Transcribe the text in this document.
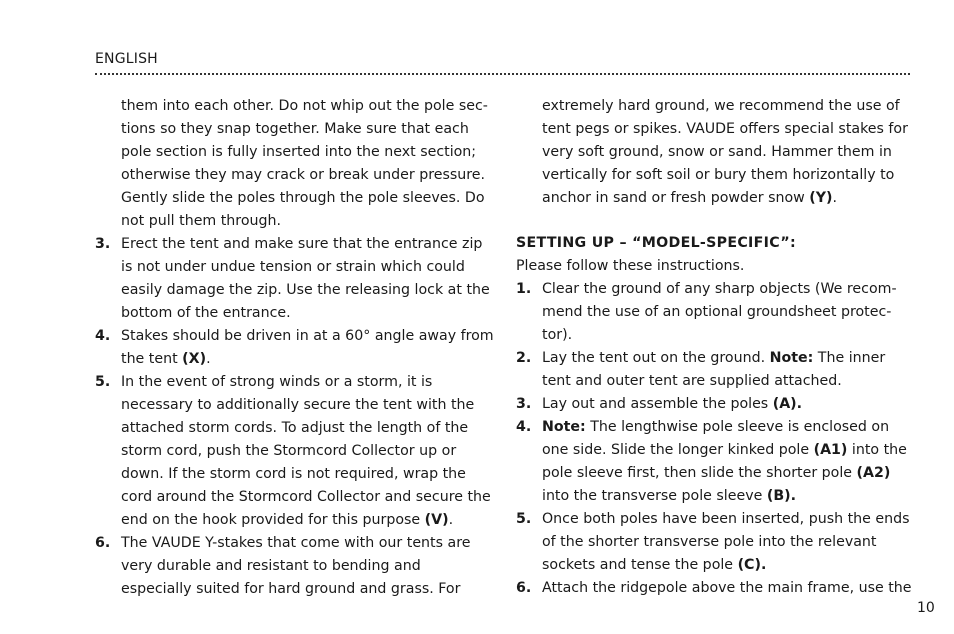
ENGLISH

them into each other. Do not whip out the pole sec-tions so they snap together. Make sure that each pole section is fully inserted into the next section; otherwise they may crack or break under pressure. Gently slide the poles through the pole sleeves. Do not pull them through.

3. Erect the tent and make sure that the entrance zip is not under undue tension or strain which could easily damage the zip. Use the releasing lock at the bottom of the entrance.
4. Stakes should be driven in at a 60° angle away from the tent (X).
5. In the event of strong winds or a storm, it is necessary to additionally secure the tent with the attached storm cords. To adjust the length of the storm cord, push the Stormcord Collector up or down. If the storm cord is not required, wrap the cord around the Stormcord Collector and secure the end on the hook provided for this purpose (V).
6. The VAUDE Y-stakes that come with our tents are very durable and resistant to bending and especially suited for hard ground and grass. For

extremely hard ground, we recommend the use of tent pegs or spikes. VAUDE offers special stakes for very soft ground, snow or sand. Hammer them in vertically for soft soil or bury them horizontally to anchor in sand or fresh powder snow (Y).

SETTING UP – “MODEL-SPECIFIC”:

Please follow these instructions.

1. Clear the ground of any sharp objects (We recom-mend the use of an optional groundsheet protec-tor).
2. Lay the tent out on the ground. Note: The inner tent and outer tent are supplied attached.
3. Lay out and assemble the poles (A).
4. Note: The lengthwise pole sleeve is enclosed on one side. Slide the longer kinked pole (A1) into the pole sleeve first, then slide the shorter pole (A2) into the transverse pole sleeve (B).
5. Once both poles have been inserted, push the ends of the shorter transverse pole into the relevant sockets and tense the pole (C).
6. Attach the ridgepole above the main frame, use the
10
